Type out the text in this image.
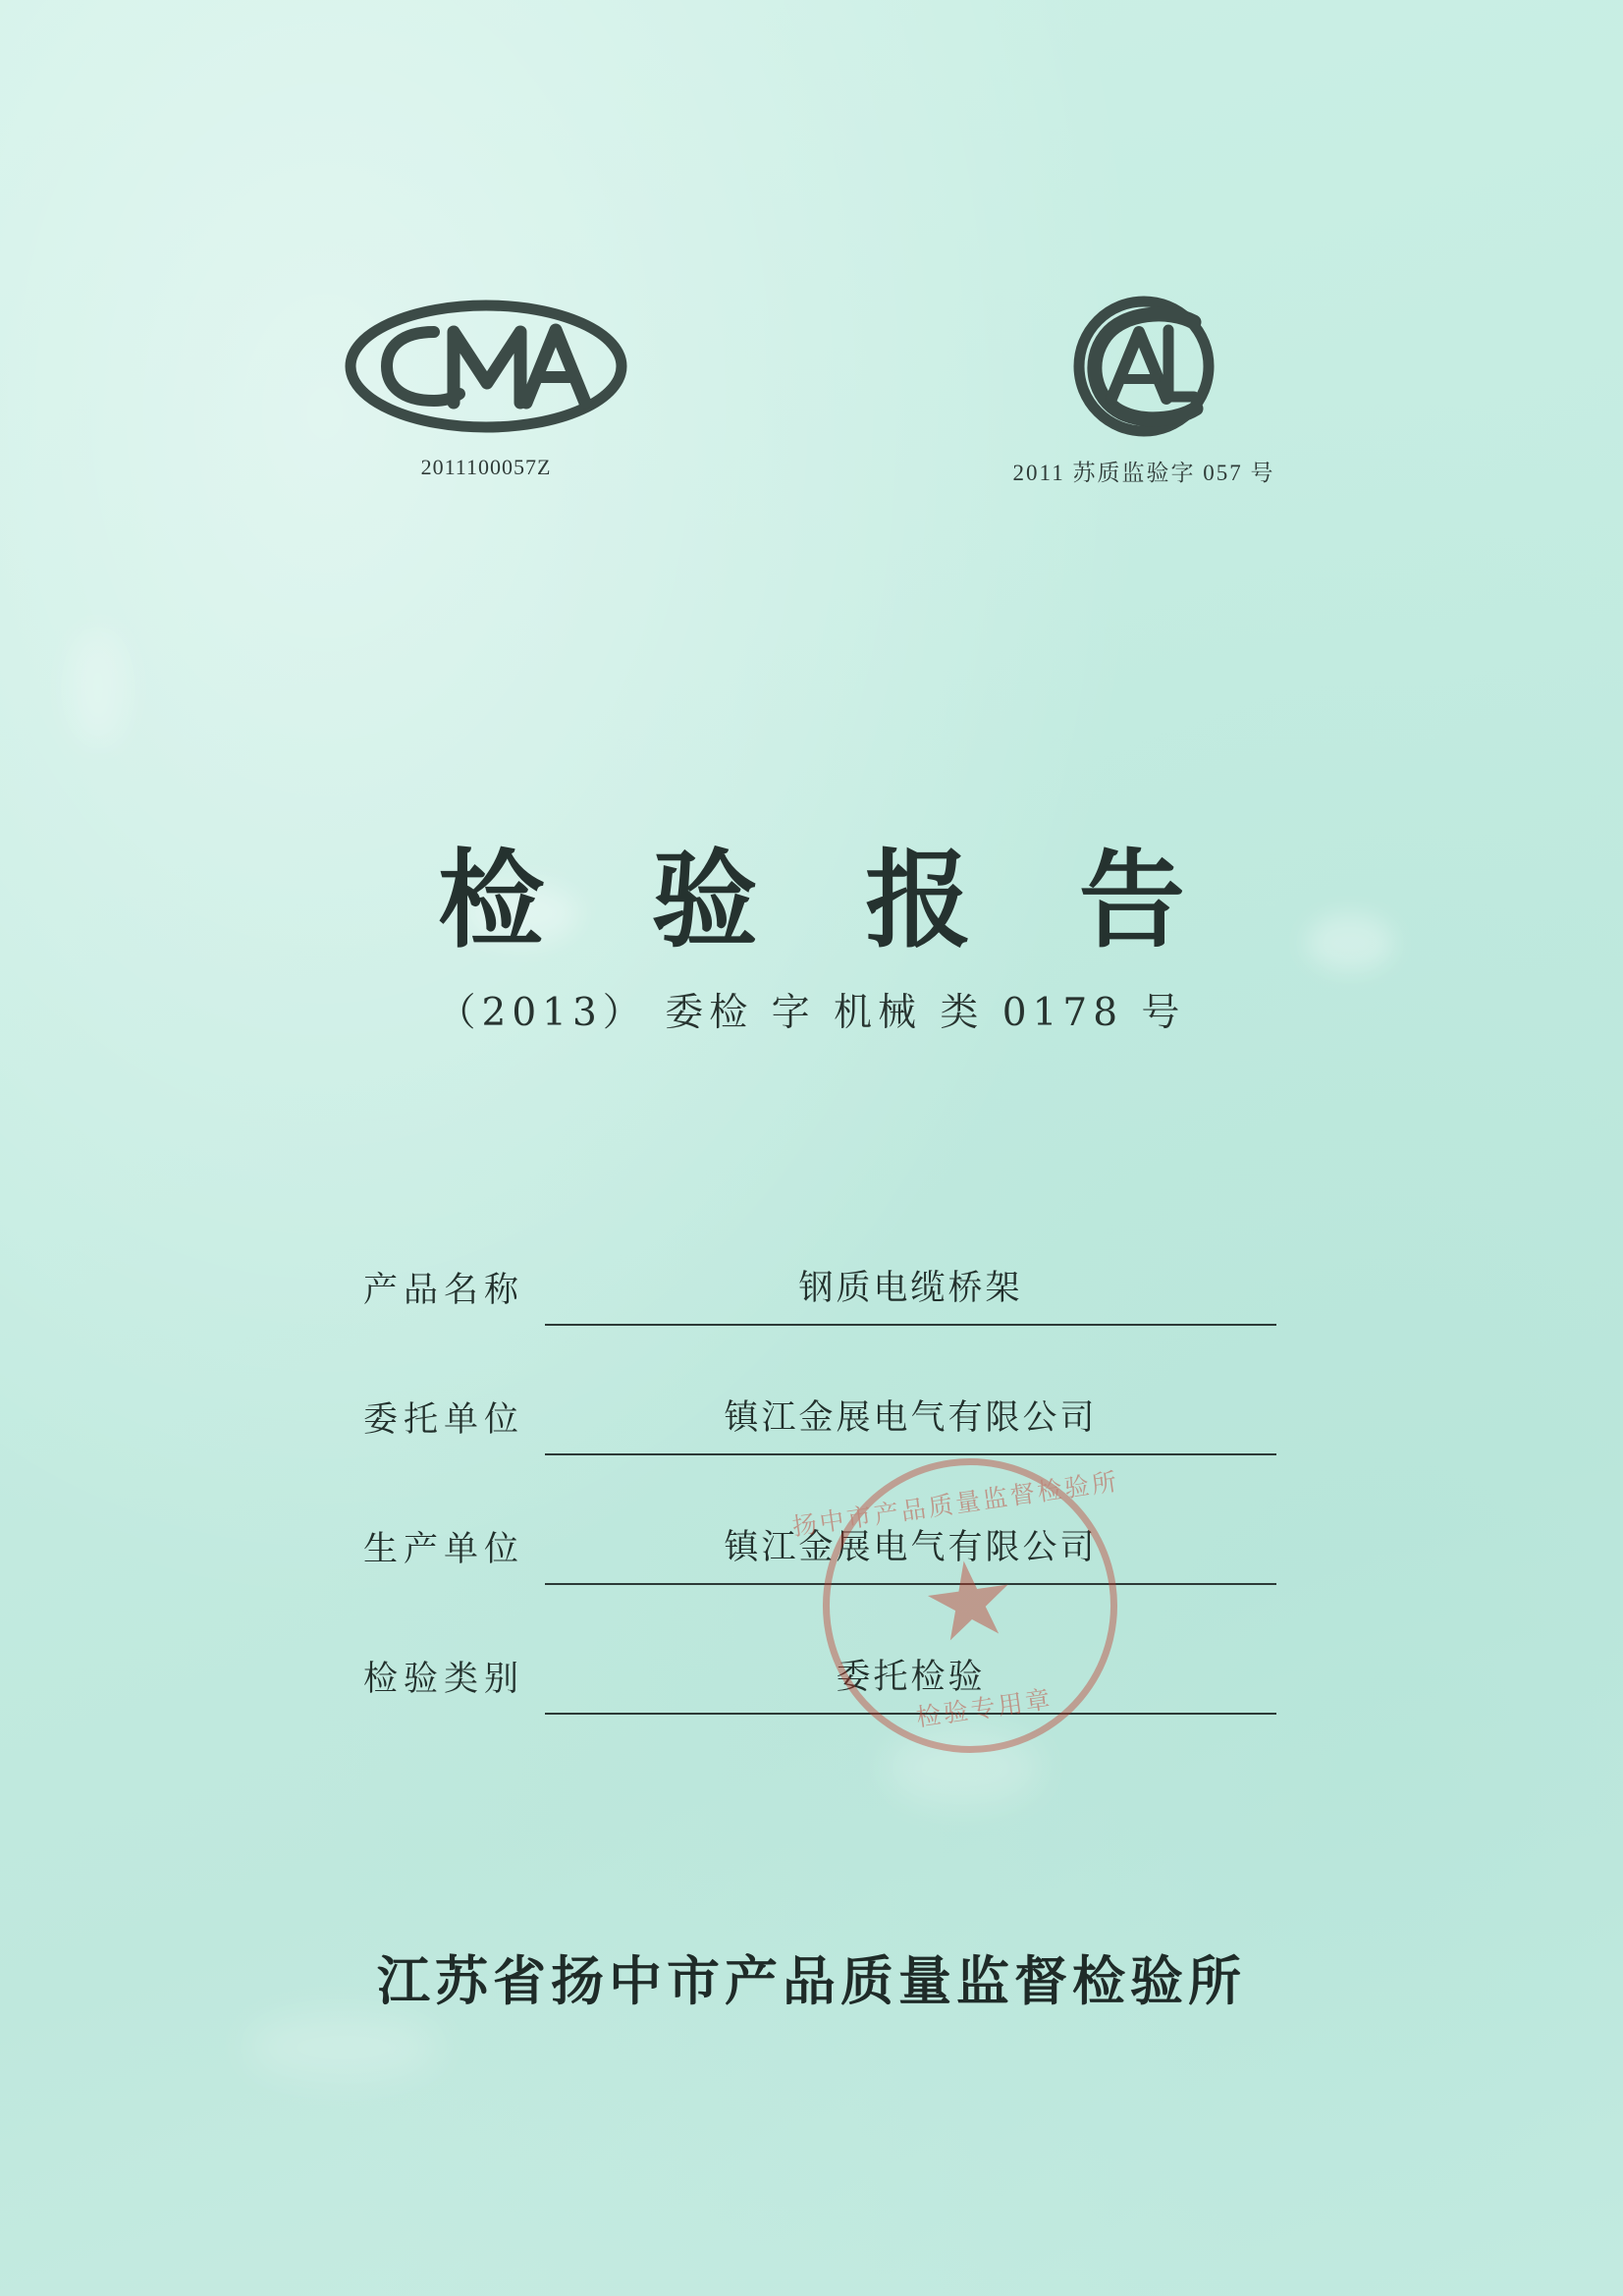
2011100057Z	2011 苏质监验字 057 号
检 验 报 告
（2013） 委检 字 机械 类 0178 号
产品名称	钢质电缆桥架
委托单位	镇江金展电气有限公司
生产单位	镇江金展电气有限公司
检验类别	委托检验
扬中市产品质量监督检验所
检验专用章
江苏省扬中市产品质量监督检验所
